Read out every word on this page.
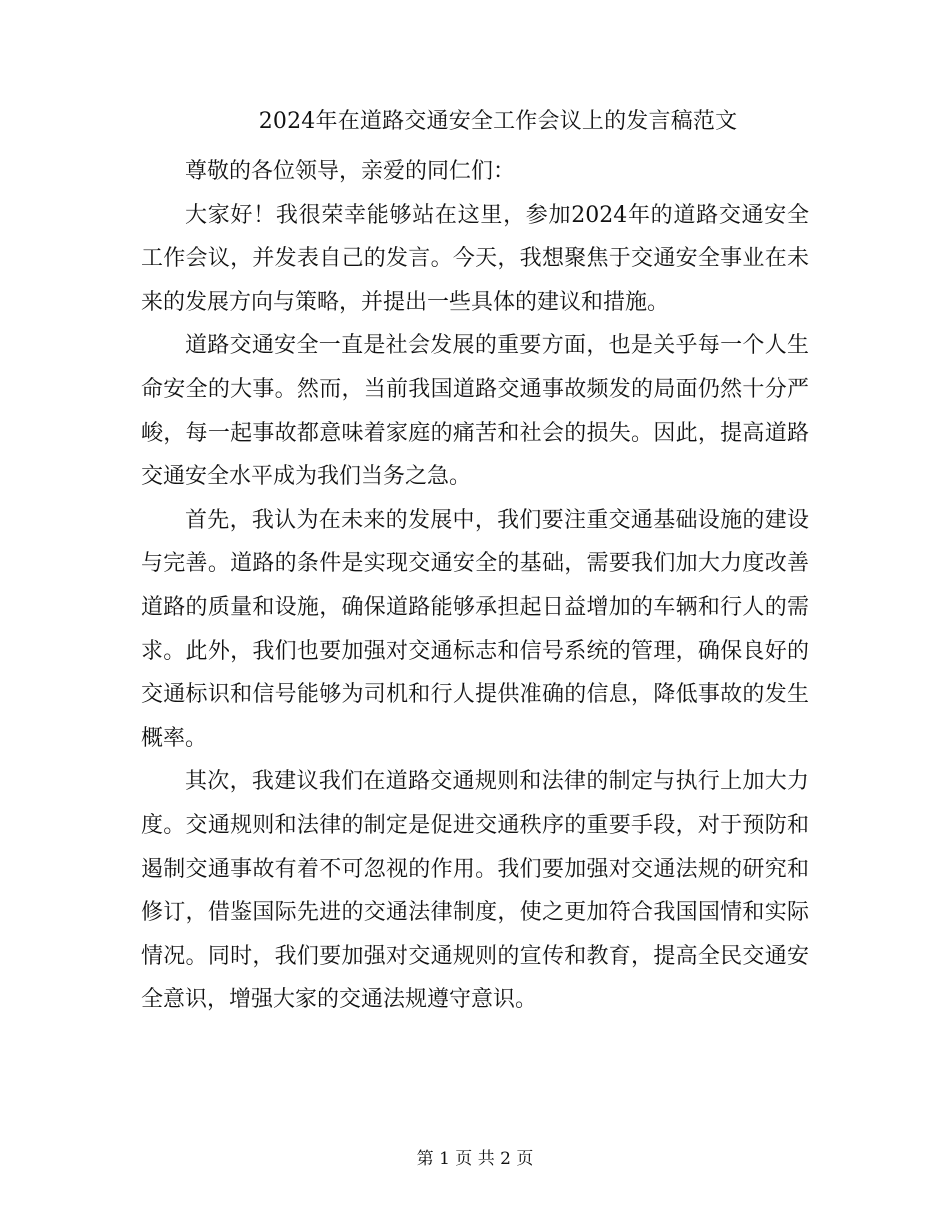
2024年在道路交通安全工作会议上的发言稿范文

尊敬的各位领导，亲爱的同仁们：

大家好！我很荣幸能够站在这里，参加2024年的道路交通安全工作会议，并发表自己的发言。今天，我想聚焦于交通安全事业在未来的发展方向与策略，并提出一些具体的建议和措施。

道路交通安全一直是社会发展的重要方面，也是关乎每一个人生命安全的大事。然而，当前我国道路交通事故频发的局面仍然十分严峻，每一起事故都意味着家庭的痛苦和社会的损失。因此，提高道路交通安全水平成为我们当务之急。

首先，我认为在未来的发展中，我们要注重交通基础设施的建设与完善。道路的条件是实现交通安全的基础，需要我们加大力度改善道路的质量和设施，确保道路能够承担起日益增加的车辆和行人的需求。此外，我们也要加强对交通标志和信号系统的管理，确保良好的交通标识和信号能够为司机和行人提供准确的信息，降低事故的发生概率。

其次，我建议我们在道路交通规则和法律的制定与执行上加大力度。交通规则和法律的制定是促进交通秩序的重要手段，对于预防和遏制交通事故有着不可忽视的作用。我们要加强对交通法规的研究和修订，借鉴国际先进的交通法律制度，使之更加符合我国国情和实际情况。同时，我们要加强对交通规则的宣传和教育，提高全民交通安全意识，增强大家的交通法规遵守意识。

第 1 页 共 2 页
